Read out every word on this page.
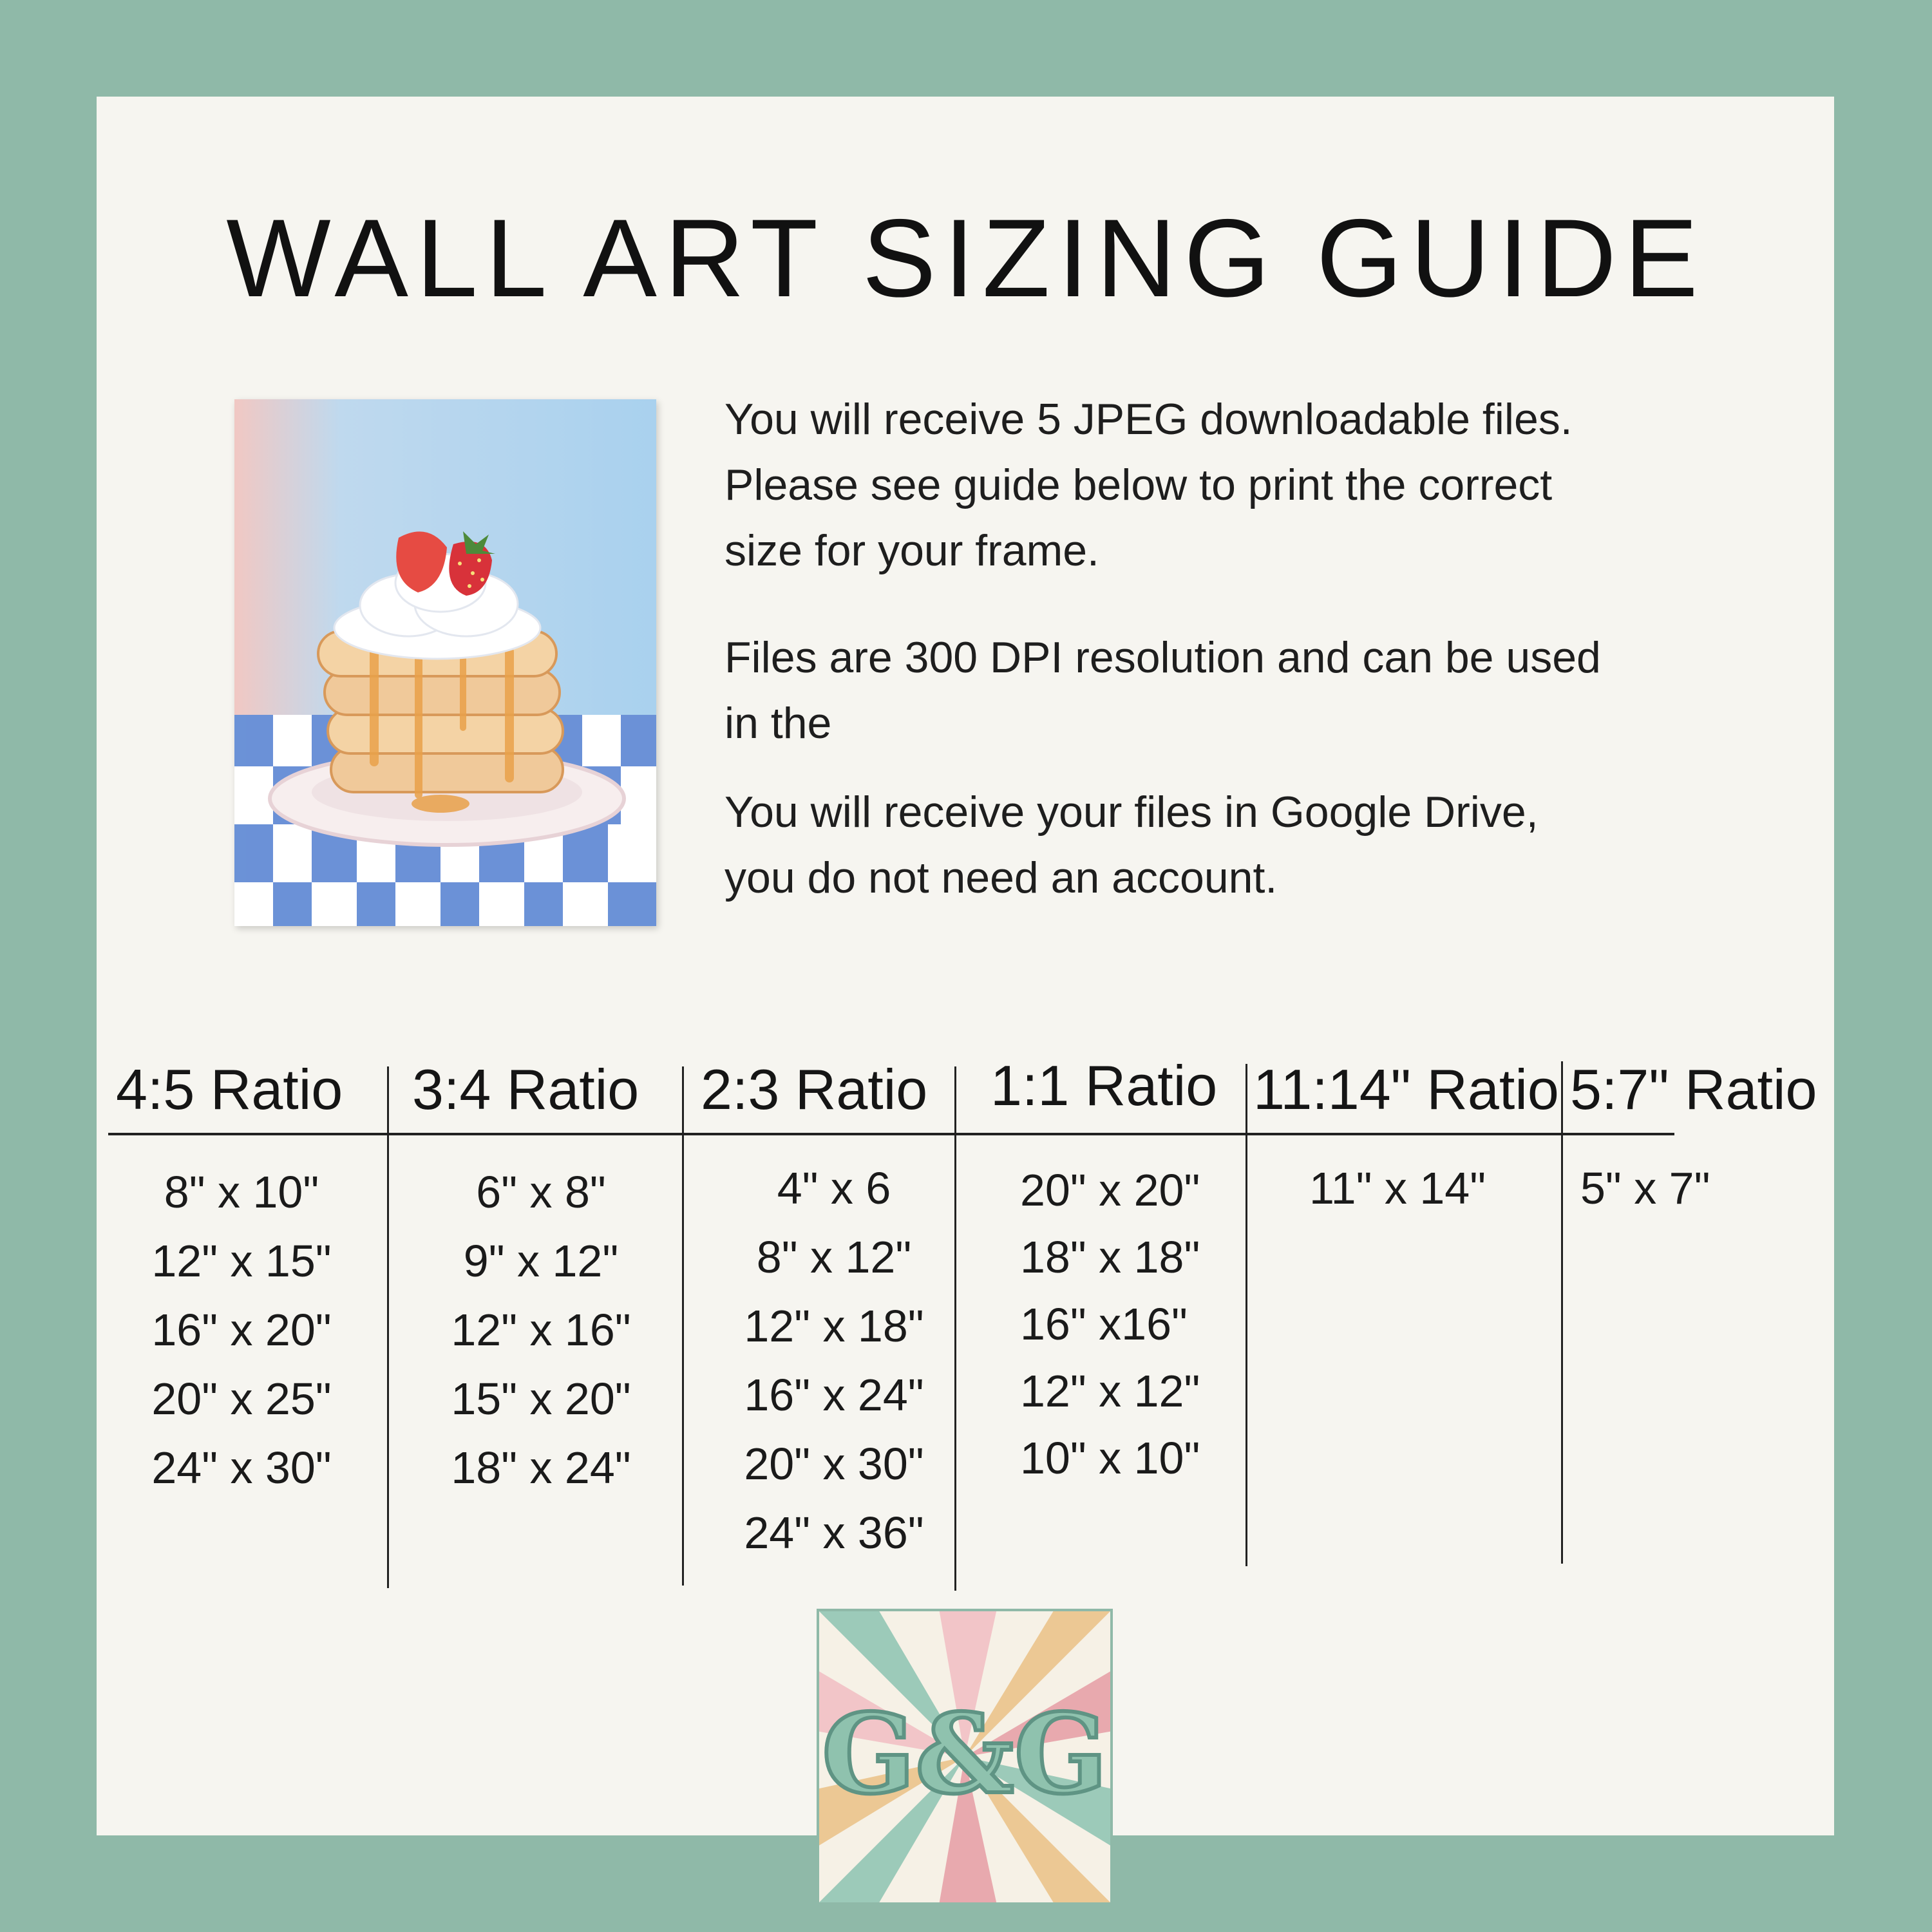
WALL ART SIZING GUIDE

You will receive 5 JPEG downloadable files.

Please see guide below to print the correct

size for your frame.

Files are 300 DPI resolution and can be used

in the

You will receive your files in Google Drive,

you do not need an account.

4:5 Ratio 3:4 Ratio 2:3 Ratio 1:1 Ratio 11:14" Ratio 5:7" Ratio
8" x 10"
12" x 15"
16" x 20"
20" x 25"
24" x 30"
6" x 8"
9" x 12"
12" x 16"
15" x 20"
18" x 24"
4" x 6
8" x 12"
12" x 18"
16" x 24"
20" x 30"
24" x 36"
20" x 20"
18" x 18"
16" x16"
12" x 12"
10" x 10"
11" x 14"	5" x 7"
G&G
